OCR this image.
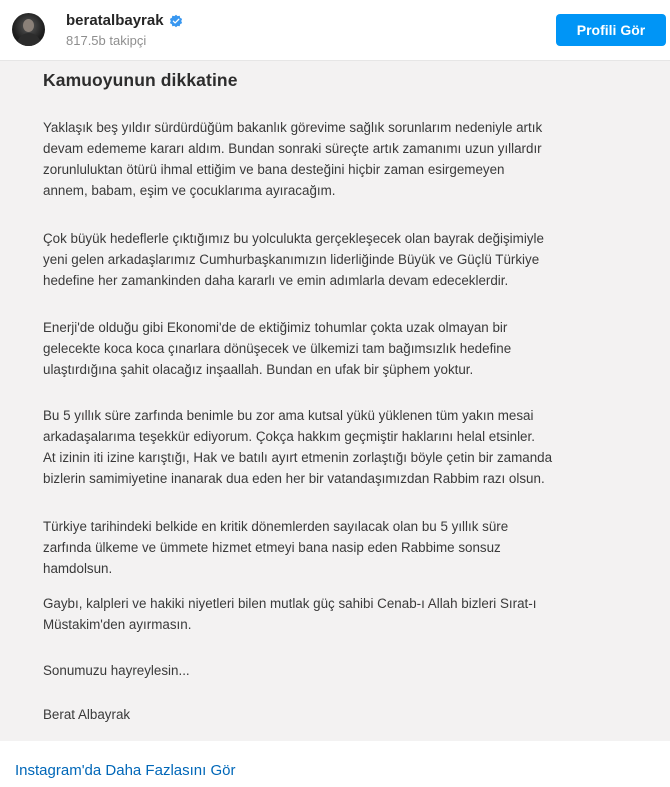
beratalbayrak
817.5b takipçi
Profili Gör
Kamuoyunun dikkatine
Yaklaşık beş yıldır sürdürdüğüm bakanlık görevime sağlık sorunlarım nedeniyle artık
devam edememe kararı aldım. Bundan sonraki süreçte artık zamanımı uzun yıllardır
zorunluluktan ötürü ihmal ettiğim ve bana desteğini hiçbir zaman esirgemeyen
annem, babam, eşim ve çocuklarıma ayıracağım.
Çok büyük hedeflerle çıktığımız bu yolculukta gerçekleşecek olan bayrak değişimiyle
yeni gelen arkadaşlarımız Cumhurbaşkanımızın liderliğinde Büyük ve Güçlü Türkiye
hedefine her zamankinden daha kararlı ve emin adımlarla devam edeceklerdir.
Enerji'de olduğu gibi Ekonomi'de de ektiğimiz tohumlar çokta uzak olmayan bir
gelecekte koca koca çınarlara dönüşecek ve ülkemizi tam bağımsızlık hedefine
ulaştırdığına şahit olacağız inşaallah. Bundan en ufak bir şüphem yoktur.
Bu 5 yıllık süre zarfında benimle bu zor ama kutsal yükü yüklenen tüm yakın mesai
arkadaşalarıma teşekkür ediyorum. Çokça hakkım geçmiştir haklarını helal etsinler.
At izinin iti izine karıştığı, Hak ve batılı ayırt etmenin zorlaştığı böyle çetin bir zamanda
bizlerin samimiyetine inanarak dua eden her bir vatandaşımızdan Rabbim razı olsun.
Türkiye tarihindeki belkide en kritik dönemlerden sayılacak olan bu 5 yıllık süre
zarfında ülkeme ve ümmete hizmet etmeyi bana nasip eden Rabbime sonsuz
hamdolsun.
Gaybı, kalpleri ve hakiki niyetleri bilen mutlak güç sahibi Cenab-ı Allah bizleri Sırat-ı
Müstakim'den ayırmasın.
Sonumuzu hayreylesin...
Berat Albayrak
Instagram'da Daha Fazlasını Gör
